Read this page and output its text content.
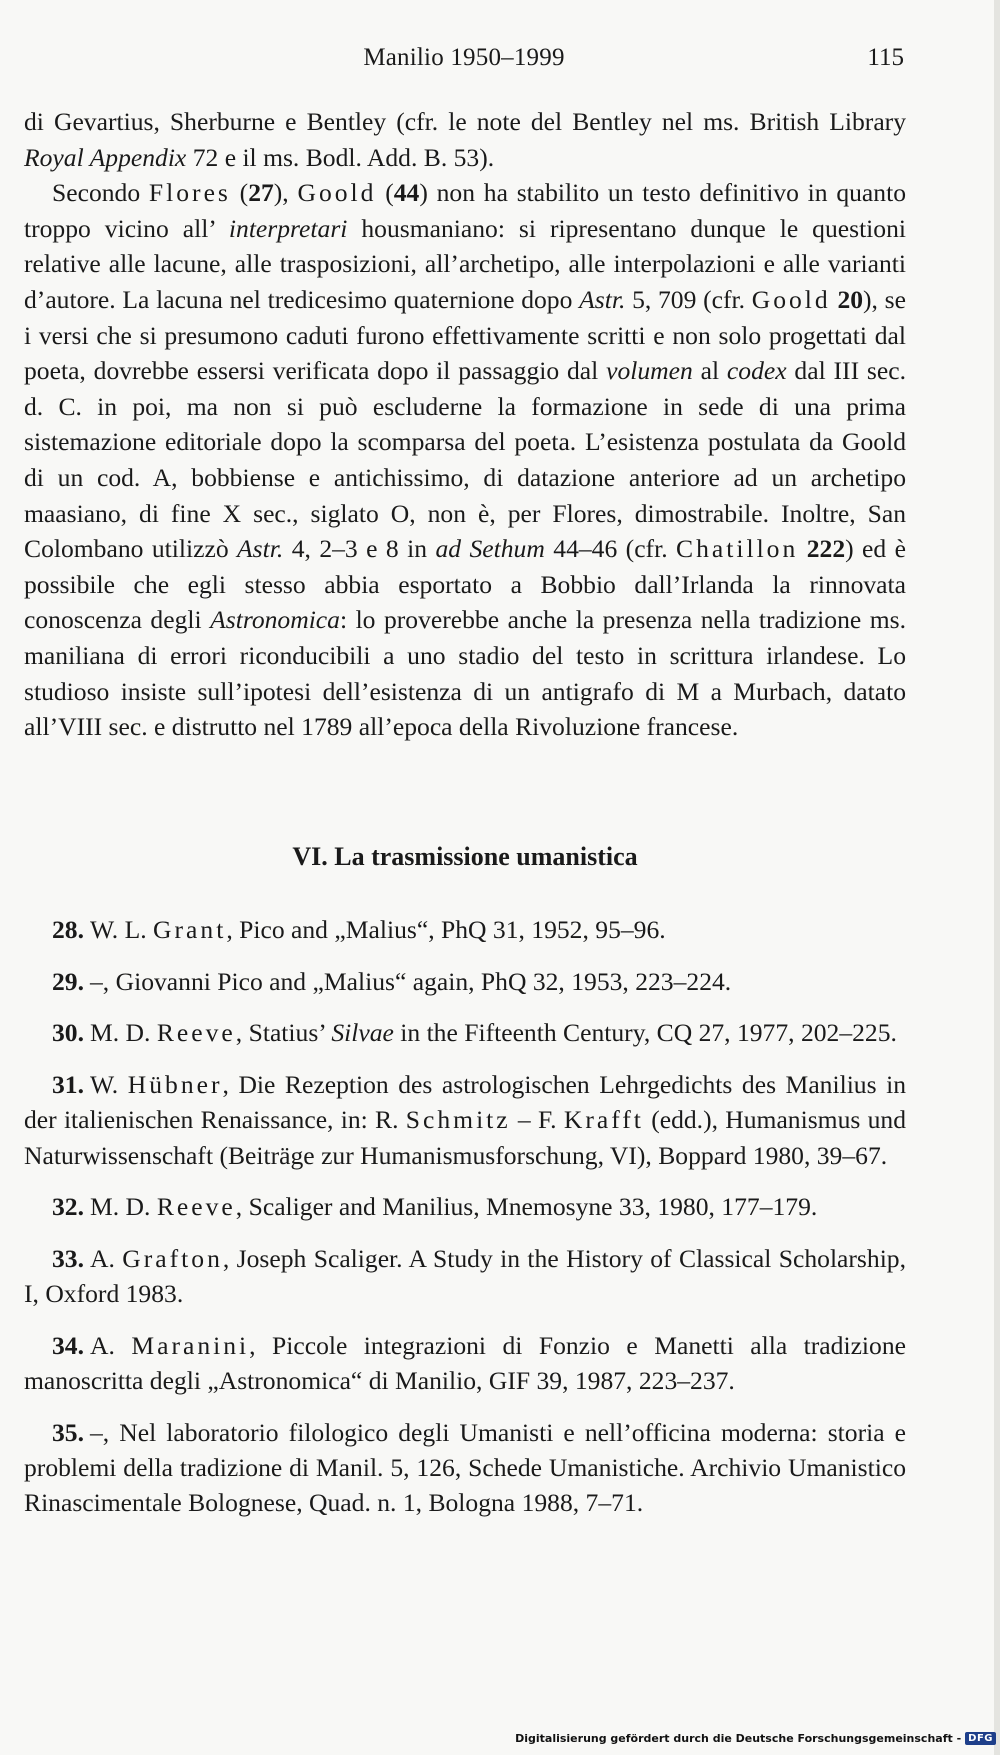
Manilio 1950–1999	115

di Gevartius, Sherburne e Bentley (cfr. le note del Bentley nel ms. British Library Royal Appendix 72 e il ms. Bodl. Add. B. 53).

Secondo Flores (27), Goold (44) non ha stabilito un testo definitivo in quanto troppo vicino all’ interpretari housmaniano: si ripresentano dunque le questioni relative alle lacune, alle trasposizioni, all’archetipo, alle interpolazioni e alle varianti d’autore. La lacuna nel tredicesimo quaternione dopo Astr. 5, 709 (cfr. Goold 20), se i versi che si presumono caduti furono effettivamente scritti e non solo progettati dal poeta, dovrebbe essersi verificata dopo il passaggio dal volumen al codex dal III sec. d. C. in poi, ma non si può escluderne la formazione in sede di una prima sistemazione editoriale dopo la scomparsa del poeta. L’esistenza postulata da Goold di un cod. A, bobbiense e antichissimo, di datazione anteriore ad un archetipo maasiano, di fine X sec., siglato O, non è, per Flores, dimostrabile. Inoltre, San Colombano utilizzò Astr. 4, 2–3 e 8 in ad Sethum 44–46 (cfr. Chatillon 222) ed è possibile che egli stesso abbia esportato a Bobbio dall’Irlanda la rinnovata conoscenza degli Astronomica: lo proverebbe anche la presenza nella tradizione ms. maniliana di errori riconducibili a uno stadio del testo in scrittura irlandese. Lo studioso insiste sull’ipotesi dell’esistenza di un antigrafo di M a Murbach, datato all’VIII sec. e distrutto nel 1789 all’epoca della Rivoluzione francese.

VI. La trasmissione umanistica

28. W. L. Grant, Pico and „Malius“, PhQ 31, 1952, 95–96.

29. –, Giovanni Pico and „Malius“ again, PhQ 32, 1953, 223–224.

30. M. D. Reeve, Statius’ Silvae in the Fifteenth Century, CQ 27, 1977, 202–225.

31. W. Hübner, Die Rezeption des astrologischen Lehrgedichts des Manilius in der italienischen Renaissance, in: R. Schmitz – F. Krafft (edd.), Humanismus und Naturwissenschaft (Beiträge zur Humanismusforschung, VI), Boppard 1980, 39–67.

32. M. D. Reeve, Scaliger and Manilius, Mnemosyne 33, 1980, 177–179.

33. A. Grafton, Joseph Scaliger. A Study in the History of Classical Scholarship, I, Oxford 1983.

34. A. Maranini, Piccole integrazioni di Fonzio e Manetti alla tradizione manoscritta degli „Astronomica“ di Manilio, GIF 39, 1987, 223–237.

35. –, Nel laboratorio filologico degli Umanisti e nell’officina moderna: storia e problemi della tradizione di Manil. 5, 126, Schede Umanistiche. Archivio Umanistico Rinascimentale Bolognese, Quad. n. 1, Bologna 1988, 7–71.

Digitalisierung gefördert durch die Deutsche Forschungsgemeinschaft - DFG
